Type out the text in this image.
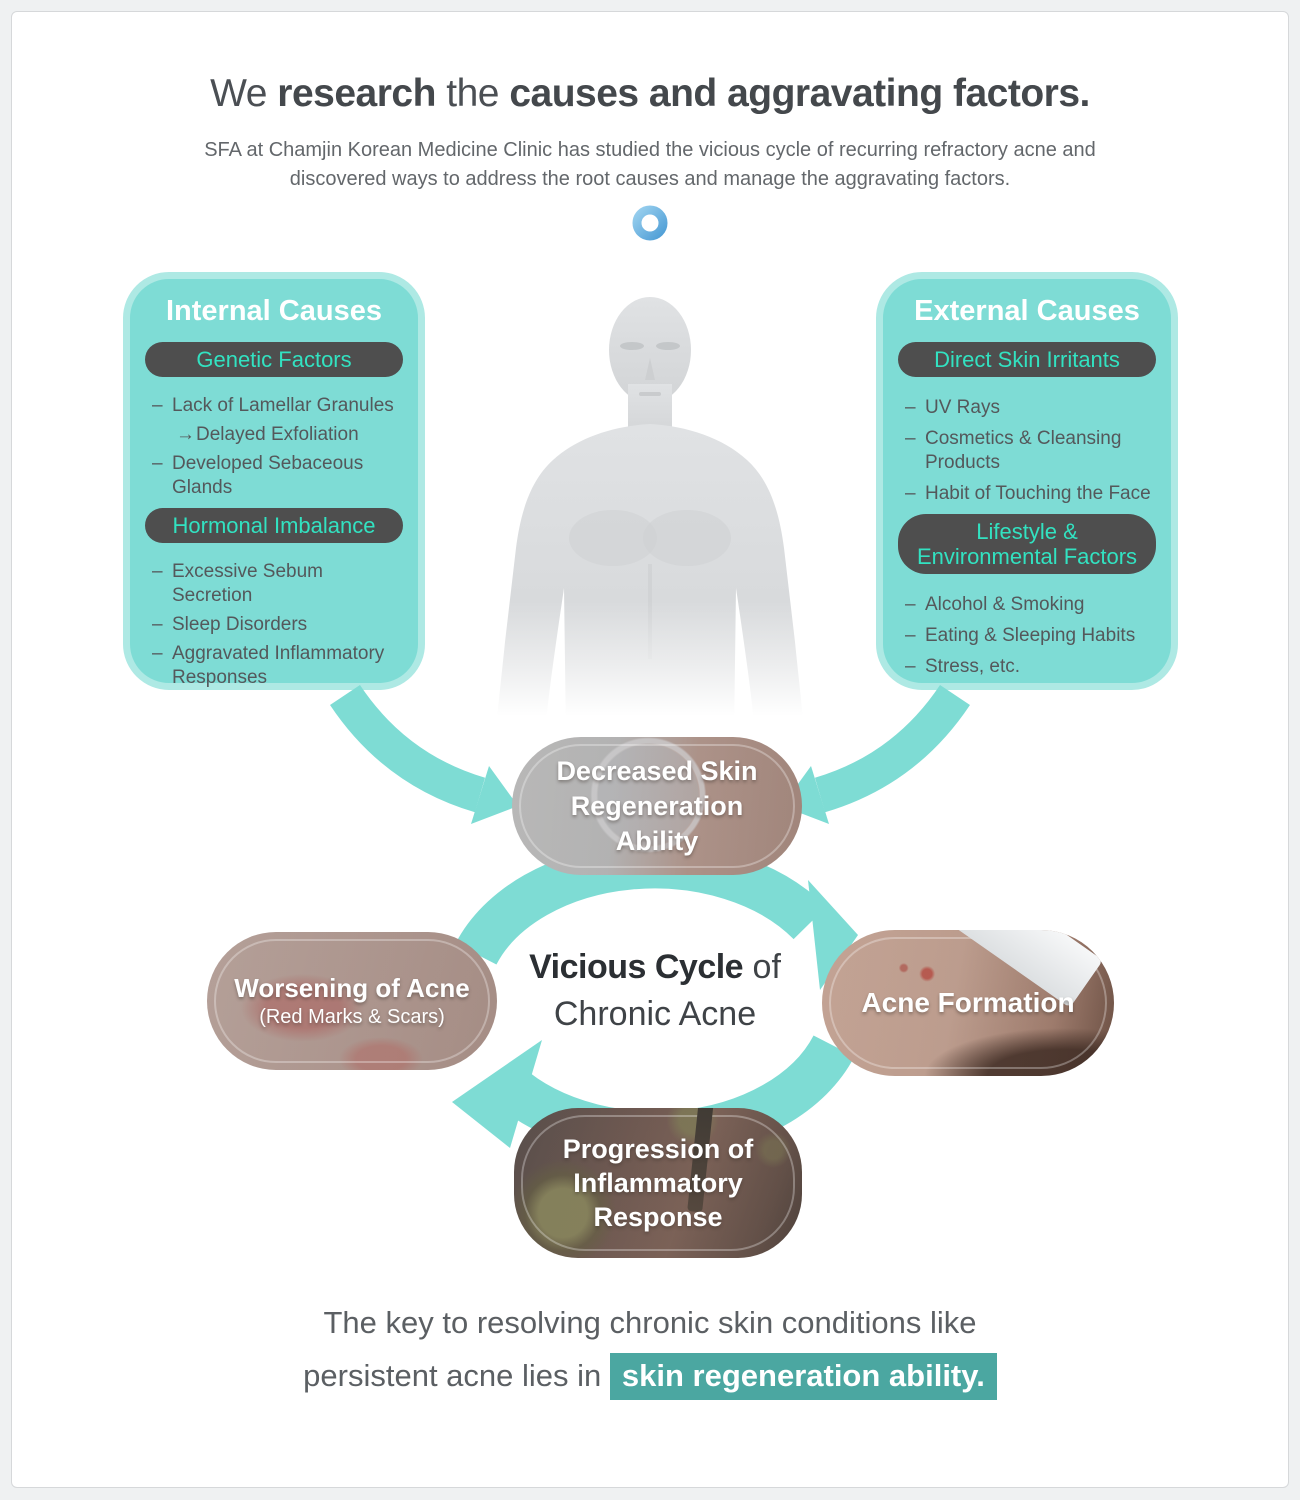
We research the causes and aggravating factors.
SFA at Chamjin Korean Medicine Clinic has studied the vicious cycle of recurring refractory acne and
discovered ways to address the root causes and manage the aggravating factors.
Internal Causes
Genetic Factors
– Lack of Lamellar Granules
→ Delayed Exfoliation
– Developed Sebaceous Glands
Hormonal Imbalance
– Excessive Sebum Secretion
– Sleep Disorders
– Aggravated Inflammatory Responses
External Causes
Direct Skin Irritants
– UV Rays
– Cosmetics & Cleansing Products
– Habit of Touching the Face
Lifestyle & Environmental Factors
– Alcohol & Smoking
– Eating & Sleeping Habits
– Stress, etc.
Vicious Cycle of
Chronic Acne
Decreased Skin Regeneration Ability
Worsening of Acne
(Red Marks & Scars)	Acne Formation
Progression of Inflammatory Response
The key to resolving chronic skin conditions like
persistent acne lies in skin regeneration ability.
